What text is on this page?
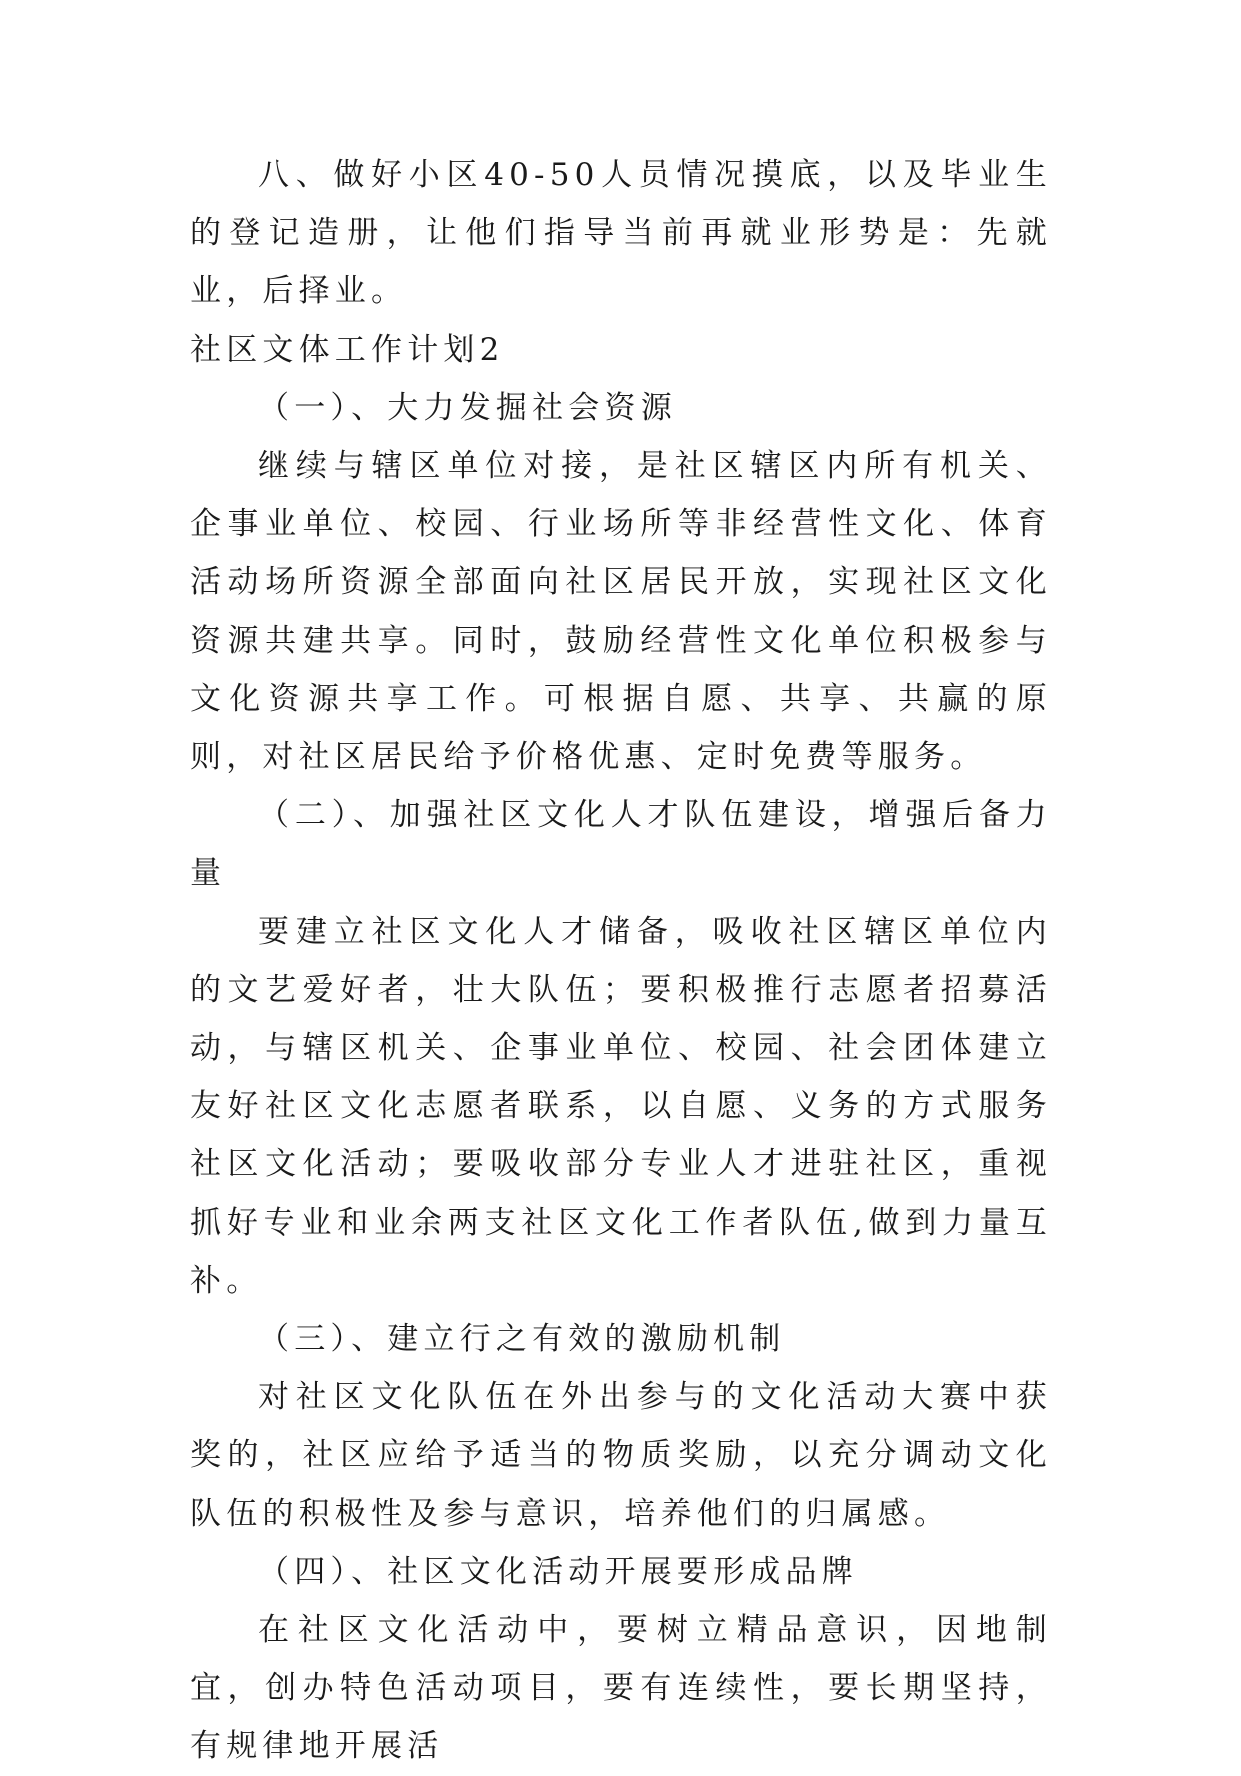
八、做好小区40-50人员情况摸底，以及毕业生的登记造册，让他们指导当前再就业形势是：先就业，后择业。

社区文体工作计划2

（一）、大力发掘社会资源

继续与辖区单位对接，是社区辖区内所有机关、企事业单位、校园、行业场所等非经营性文化、体育活动场所资源全部面向社区居民开放，实现社区文化资源共建共享。同时，鼓励经营性文化单位积极参与文化资源共享工作。可根据自愿、共享、共赢的原则，对社区居民给予价格优惠、定时免费等服务。

（二）、加强社区文化人才队伍建设，增强后备力量

要建立社区文化人才储备，吸收社区辖区单位内的文艺爱好者，壮大队伍；要积极推行志愿者招募活动，与辖区机关、企事业单位、校园、社会团体建立友好社区文化志愿者联系，以自愿、义务的方式服务社区文化活动；要吸收部分专业人才进驻社区，重视抓好专业和业余两支社区文化工作者队伍,做到力量互补。

（三）、建立行之有效的激励机制

对社区文化队伍在外出参与的文化活动大赛中获奖的，社区应给予适当的物质奖励，以充分调动文化队伍的积极性及参与意识，培养他们的归属感。

（四）、社区文化活动开展要形成品牌

在社区文化活动中，要树立精品意识，因地制宜，创办特色活动项目，要有连续性，要长期坚持，有规律地开展活
